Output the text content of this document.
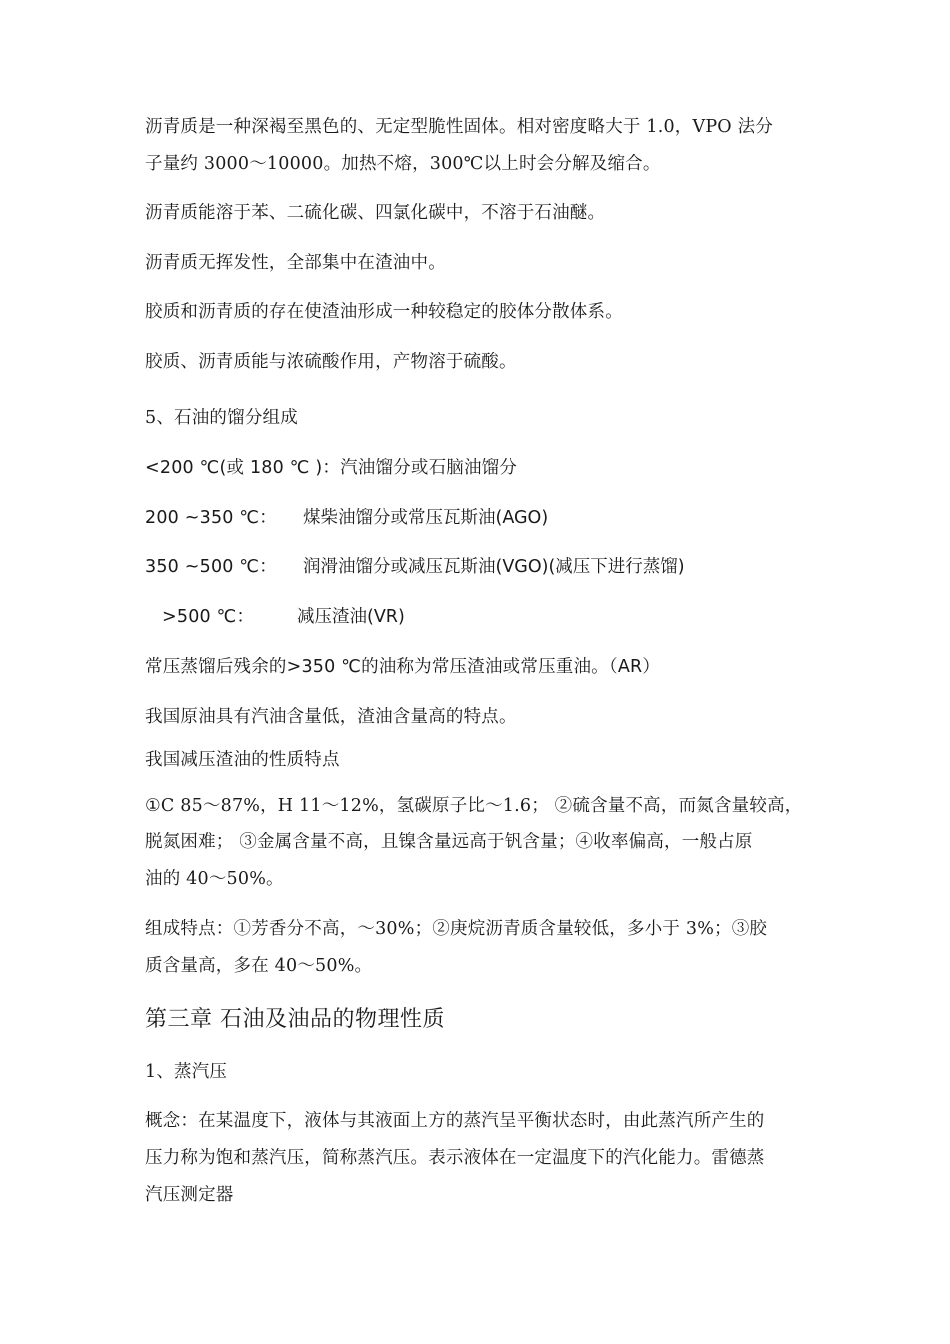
沥青质是一种深褐至黑色的、无定型脆性固体。相对密度略大于 1.0，VPO 法分
子量约 3000～10000。加热不熔，300℃以上时会分解及缩合。
沥青质能溶于苯、二硫化碳、四氯化碳中，不溶于石油醚。
沥青质无挥发性，全部集中在渣油中。
胶质和沥青质的存在使渣油形成一种较稳定的胶体分散体系。
胶质、沥青质能与浓硫酸作用，产物溶于硫酸。
5、石油的馏分组成
<200 ℃(或 180 ℃ )：汽油馏分或石脑油馏分
200 ~350 ℃： 煤柴油馏分或常压瓦斯油(AGO)
350 ~500 ℃： 润滑油馏分或减压瓦斯油(VGO)(减压下进行蒸馏)
>500 ℃： 减压渣油(VR)
常压蒸馏后残余的>350 ℃的油称为常压渣油或常压重油。（AR）
我国原油具有汽油含量低，渣油含量高的特点。
我国减压渣油的性质特点
①C 85～87%，H 11～12%，氢碳原子比～1.6； ②硫含量不高，而氮含量较高，
脱氮困难； ③金属含量不高，且镍含量远高于钒含量；④收率偏高，一般占原
油的 40～50%。
组成特点：①芳香分不高，～30%；②庚烷沥青质含量较低，多小于 3%；③胶
质含量高，多在 40～50%。
第三章 石油及油品的物理性质
1、蒸汽压
概念：在某温度下，液体与其液面上方的蒸汽呈平衡状态时，由此蒸汽所产生的
压力称为饱和蒸汽压，简称蒸汽压。表示液体在一定温度下的汽化能力。雷德蒸
汽压测定器
